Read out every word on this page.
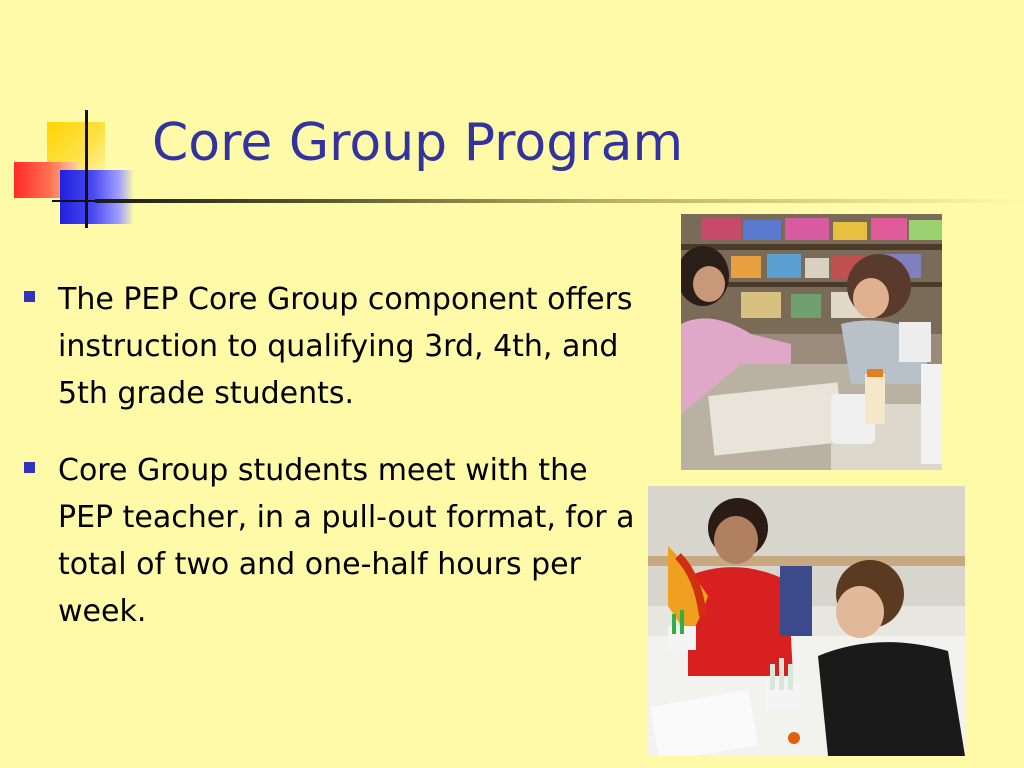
Core Group Program
The PEP Core Group component offers instruction to qualifying 3rd, 4th, and 5th grade students.
Core Group students meet with the PEP teacher, in a pull-out format, for a total of two and one-half hours per week.
